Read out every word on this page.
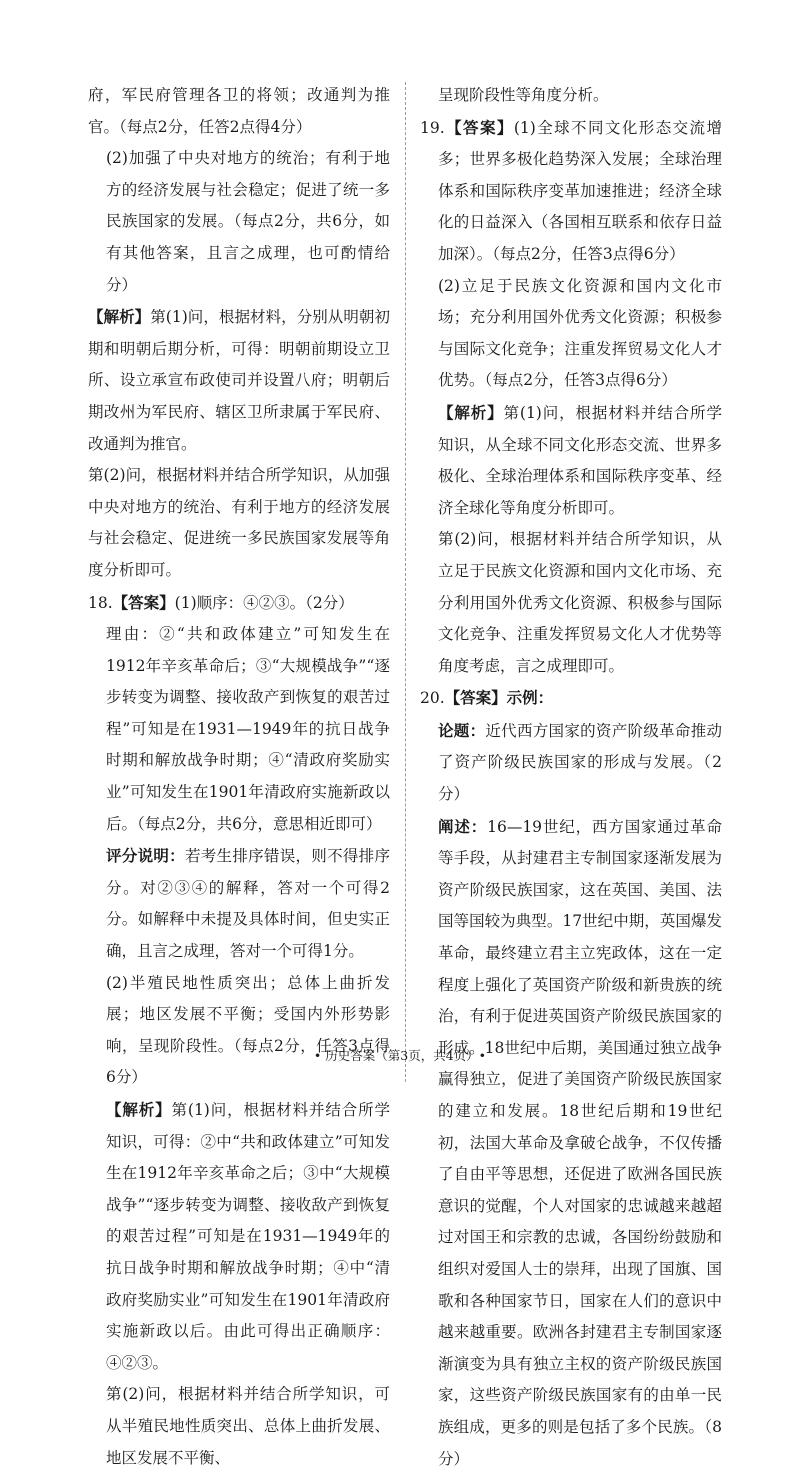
府，军民府管理各卫的将领；改通判为推官。（每点2分，任答2点得4分）

(2)加强了中央对地方的统治；有利于地方的经济发展与社会稳定；促进了统一多民族国家的发展。（每点2分，共6分，如有其他答案，且言之成理，也可酌情给分）

【解析】第(1)问，根据材料，分别从明朝初期和明朝后期分析，可得：明朝前期设立卫所、设立承宣布政使司并设置八府；明朝后期改州为军民府、辖区卫所隶属于军民府、改通判为推官。

第(2)问，根据材料并结合所学知识，从加强中央对地方的统治、有利于地方的经济发展与社会稳定、促进统一多民族国家发展等角度分析即可。

18.【答案】(1)顺序：④②③。（2分）

理由：②“共和政体建立”可知发生在1912年辛亥革命后；③“大规模战争”“逐步转变为调整、接收敌产到恢复的艰苦过程”可知是在1931—1949年的抗日战争时期和解放战争时期；④“清政府奖励实业”可知发生在1901年清政府实施新政以后。（每点2分，共6分，意思相近即可）

评分说明：若考生排序错误，则不得排序分。对②③④的解释，答对一个可得2分。如解释中未提及具体时间，但史实正确，且言之成理，答对一个可得1分。

(2)半殖民地性质突出；总体上曲折发展；地区发展不平衡；受国内外形势影响，呈现阶段性。（每点2分，任答3点得6分）

【解析】第(1)问，根据材料并结合所学知识，可得：②中“共和政体建立”可知发生在1912年辛亥革命之后；③中“大规模战争”“逐步转变为调整、接收敌产到恢复的艰苦过程”可知是在1931—1949年的抗日战争时期和解放战争时期；④中“清政府奖励实业”可知发生在1901年清政府实施新政以后。由此可得出正确顺序：④②③。

第(2)问，根据材料并结合所学知识，可从半殖民地性质突出、总体上曲折发展、地区发展不平衡、

呈现阶段性等角度分析。

19.【答案】(1)全球不同文化形态交流增多；世界多极化趋势深入发展；全球治理体系和国际秩序变革加速推进；经济全球化的日益深入（各国相互联系和依存日益加深）。（每点2分，任答3点得6分）

(2)立足于民族文化资源和国内文化市场；充分利用国外优秀文化资源；积极参与国际文化竞争；注重发挥贸易文化人才优势。（每点2分，任答3点得6分）

【解析】第(1)问，根据材料并结合所学知识，从全球不同文化形态交流、世界多极化、全球治理体系和国际秩序变革、经济全球化等角度分析即可。

第(2)问，根据材料并结合所学知识，从立足于民族文化资源和国内文化市场、充分利用国外优秀文化资源、积极参与国际文化竞争、注重发挥贸易文化人才优势等角度考虑，言之成理即可。

20.【答案】示例：

论题：近代西方国家的资产阶级革命推动了资产阶级民族国家的形成与发展。（2分）

阐述：16—19世纪，西方国家通过革命等手段，从封建君主专制国家逐渐发展为资产阶级民族国家，这在英国、美国、法国等国较为典型。17世纪中期，英国爆发革命，最终建立君主立宪政体，这在一定程度上强化了英国资产阶级和新贵族的统治，有利于促进英国资产阶级民族国家的形成。18世纪中后期，美国通过独立战争赢得独立，促进了美国资产阶级民族国家的建立和发展。18世纪后期和19世纪初，法国大革命及拿破仑战争，不仅传播了自由平等思想，还促进了欧洲各国民族意识的觉醒，个人对国家的忠诚越来越超过对国王和宗教的忠诚，各国纷纷鼓励和组织对爱国人士的崇拜，出现了国旗、国歌和各种国家节日，国家在人们的意识中越来越重要。欧洲各封建君主专制国家逐渐演变为具有独立主权的资产阶级民族国家，这些资产阶级民族国家有的由单一民族组成，更多的则是包括了多个民族。（8分）

• 历史答案（第3页，共4页）•
